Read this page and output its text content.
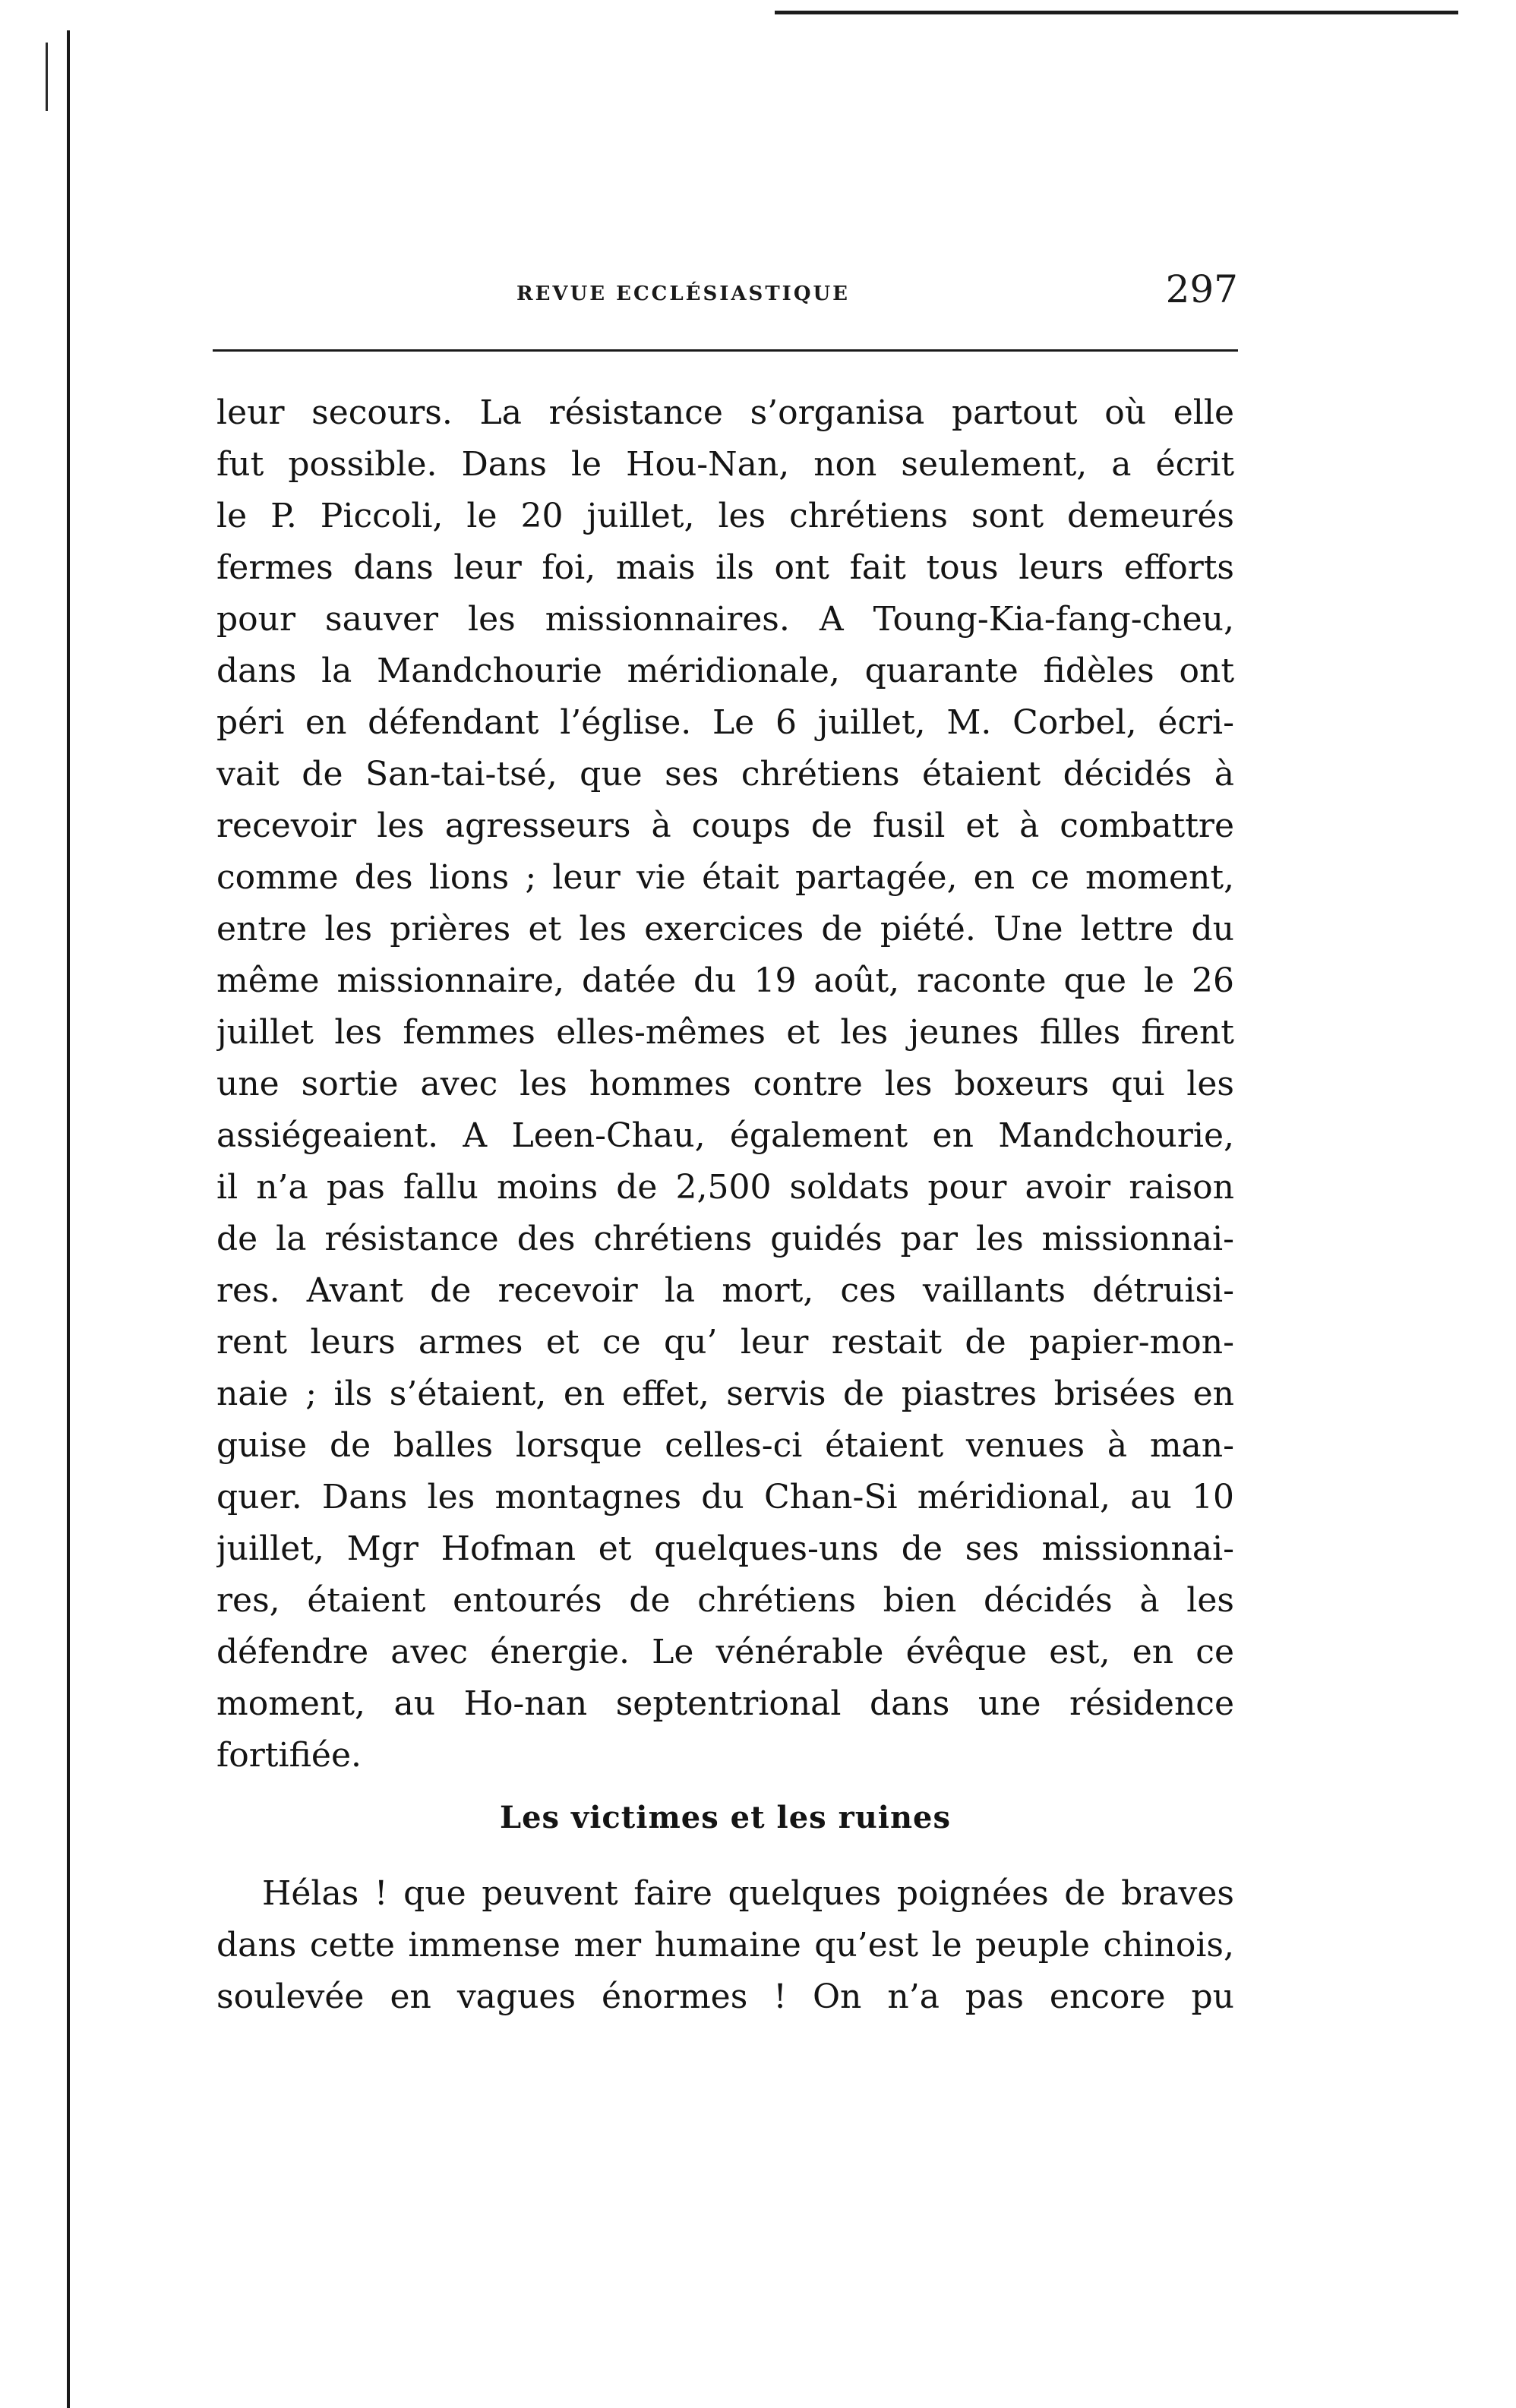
REVUE ECCLÉSIASTIQUE	297
leur secours. La résistance s’organisa partout où elle
fut possible. Dans le Hou-Nan, non seulement, a écrit
le P. Piccoli, le 20 juillet, les chrétiens sont demeurés
fermes dans leur foi, mais ils ont fait tous leurs efforts
pour sauver les missionnaires. A Toung-Kia-fang-cheu,
dans la Mandchourie méridionale, quarante fidèles ont
péri en défendant l’église. Le 6 juillet, M. Corbel, écri-
vait de San-tai-tsé, que ses chrétiens étaient décidés à
recevoir les agresseurs à coups de fusil et à combattre
comme des lions ; leur vie était partagée, en ce moment,
entre les prières et les exercices de piété. Une lettre du
même missionnaire, datée du 19 août, raconte que le 26
juillet les femmes elles-mêmes et les jeunes filles firent
une sortie avec les hommes contre les boxeurs qui les
assiégeaient. A Leen-Chau, également en Mandchourie,
il n’a pas fallu moins de 2,500 soldats pour avoir raison
de la résistance des chrétiens guidés par les missionnai-
res. Avant de recevoir la mort, ces vaillants détruisi-
rent leurs armes et ce qu’ leur restait de papier-mon-
naie ; ils s’étaient, en effet, servis de piastres brisées en
guise de balles lorsque celles-ci étaient venues à man-
quer. Dans les montagnes du Chan-Si méridional, au 10
juillet, Mgr Hofman et quelques-uns de ses missionnai-
res, étaient entourés de chrétiens bien décidés à les
défendre avec énergie. Le vénérable évêque est, en ce
moment, au Ho-nan septentrional dans une résidence
fortifiée.
Les victimes et les ruines
Hélas ! que peuvent faire quelques poignées de braves
dans cette immense mer humaine qu’est le peuple chinois,
soulevée en vagues énormes ! On n’a pas encore pu
